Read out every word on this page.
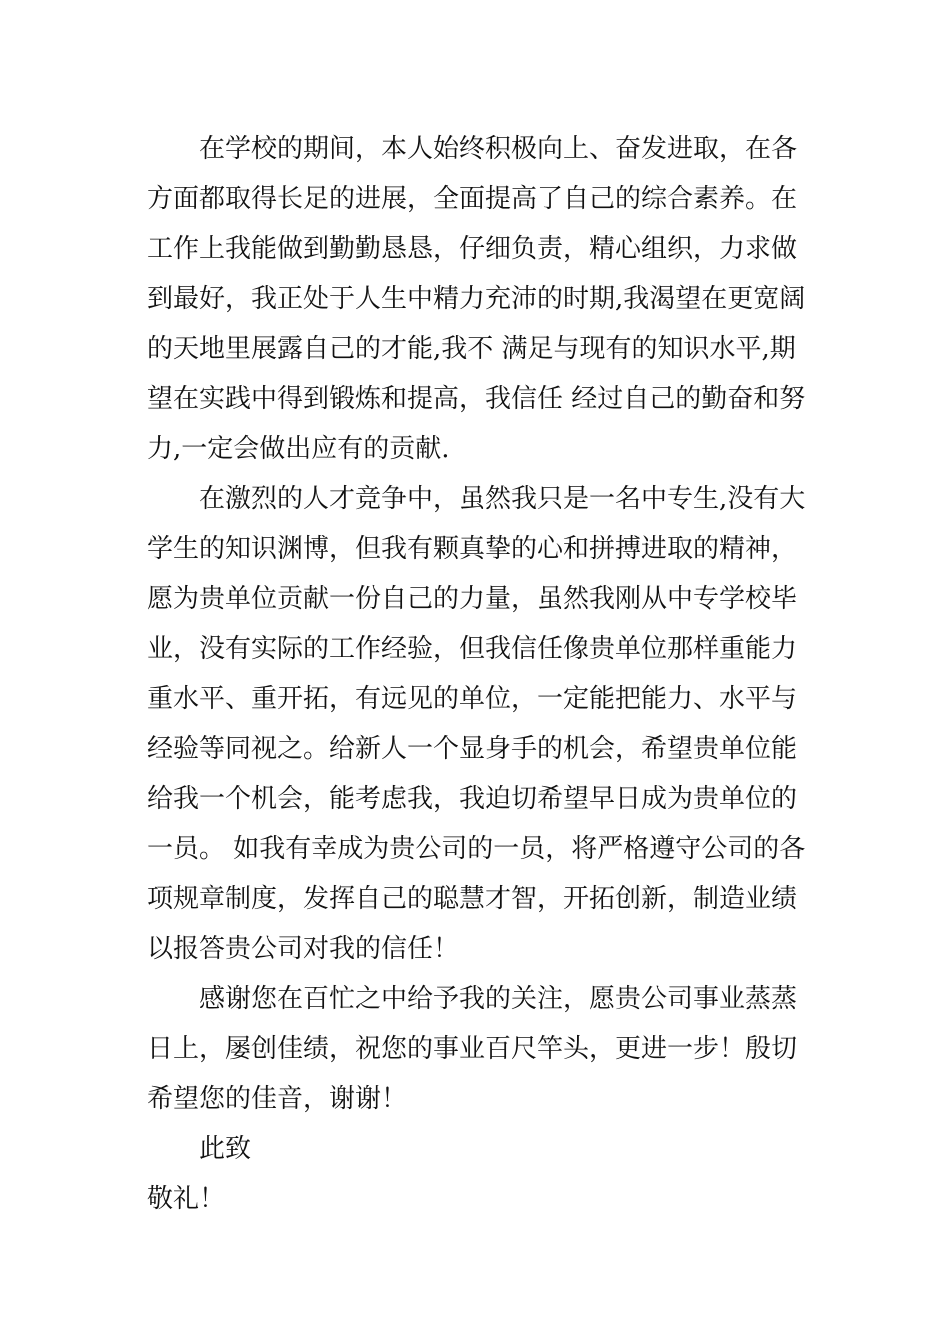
　　在学校的期间，本人始终积极向上、奋发进取，在各
方面都取得长足的进展，全面提高了自己的综合素养。在
工作上我能做到勤勤恳恳，仔细负责，精心组织，力求做
到最好，我正处于人生中精力充沛的时期,我渴望在更宽阔
的天地里展露自己的才能,我不 满足与现有的知识水平,期
望在实践中得到锻炼和提高，我信任 经过自己的勤奋和努
力,一定会做出应有的贡献.
　　在激烈的人才竞争中，虽然我只是一名中专生,没有大
学生的知识渊博，但我有颗真挚的心和拼搏进取的精神，
愿为贵单位贡献一份自己的力量，虽然我刚从中专学校毕
业，没有实际的工作经验，但我信任像贵单位那样重能力
重水平、重开拓，有远见的单位，一定能把能力、水平与
经验等同视之。给新人一个显身手的机会，希望贵单位能
给我一个机会，能考虑我，我迫切希望早日成为贵单位的
一员。 如我有幸成为贵公司的一员，将严格遵守公司的各
项规章制度，发挥自己的聪慧才智，开拓创新，制造业绩
以报答贵公司对我的信任！
　　感谢您在百忙之中给予我的关注，愿贵公司事业蒸蒸
日上，屡创佳绩，祝您的事业百尺竿头，更进一步！殷切
希望您的佳音，谢谢！
　　此致
敬礼！
